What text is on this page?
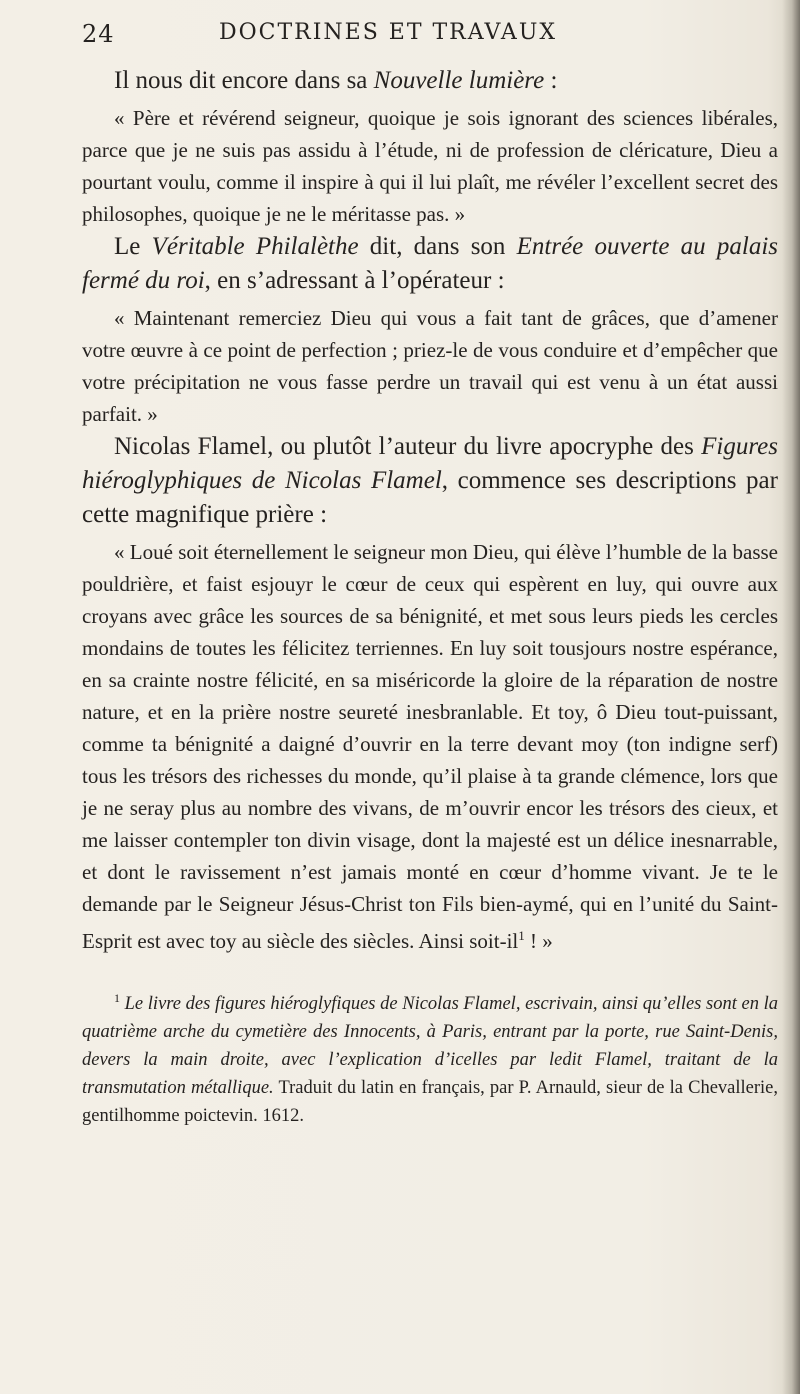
24	DOCTRINES ET TRAVAUX

Il nous dit encore dans sa Nouvelle lumière :

« Père et révérend seigneur, quoique je sois ignorant des sciences libérales, parce que je ne suis pas assidu à l’étude, ni de profession de cléricature, Dieu a pourtant voulu, comme il inspire à qui il lui plaît, me révéler l’excellent secret des philosophes, quoique je ne le méritasse pas. »

Le Véritable Philalèthe dit, dans son Entrée ouverte au palais fermé du roi, en s’adressant à l’opérateur :

« Maintenant remerciez Dieu qui vous a fait tant de grâces, que d’amener votre œuvre à ce point de perfection ; priez-le de vous conduire et d’empêcher que votre précipitation ne vous fasse perdre un travail qui est venu à un état aussi parfait. »

Nicolas Flamel, ou plutôt l’auteur du livre apocryphe des Figures hiéroglyphiques de Nicolas Flamel, commence ses descriptions par cette magnifique prière :

« Loué soit éternellement le seigneur mon Dieu, qui élève l’humble de la basse pouldrière, et faist esjouyr le cœur de ceux qui espèrent en luy, qui ouvre aux croyans avec grâce les sources de sa bénignité, et met sous leurs pieds les cercles mondains de toutes les félicitez terriennes. En luy soit tousjours nostre espérance, en sa crainte nostre félicité, en sa miséricorde la gloire de la réparation de nostre nature, et en la prière nostre seureté inesbranlable. Et toy, ô Dieu tout-puissant, comme ta bénignité a daigné d’ouvrir en la terre devant moy (ton indigne serf) tous les trésors des richesses du monde, qu’il plaise à ta grande clémence, lors que je ne seray plus au nombre des vivans, de m’ouvrir encor les trésors des cieux, et me laisser contempler ton divin visage, dont la majesté est un délice inesnarrable, et dont le ravissement n’est jamais monté en cœur d’homme vivant. Je te le demande par le Seigneur Jésus-Christ ton Fils bien-aymé, qui en l’unité du Saint-Esprit est avec toy au siècle des siècles. Ainsi soit-$il^1$ ! »

$^1$ Le livre des figures hiéroglyfiques de Nicolas Flamel, escrivain, ainsi qu’elles sont en la quatrième arche du cymetière des Innocents, à Paris, entrant par la porte, rue Saint-Denis, devers la main droite, avec l’explication d’icelles par ledit Flamel, traitant de la transmutation métallique. Traduit du latin en français, par P. Arnauld, sieur de la Chevallerie, gentilhomme poictevin. 1612.
